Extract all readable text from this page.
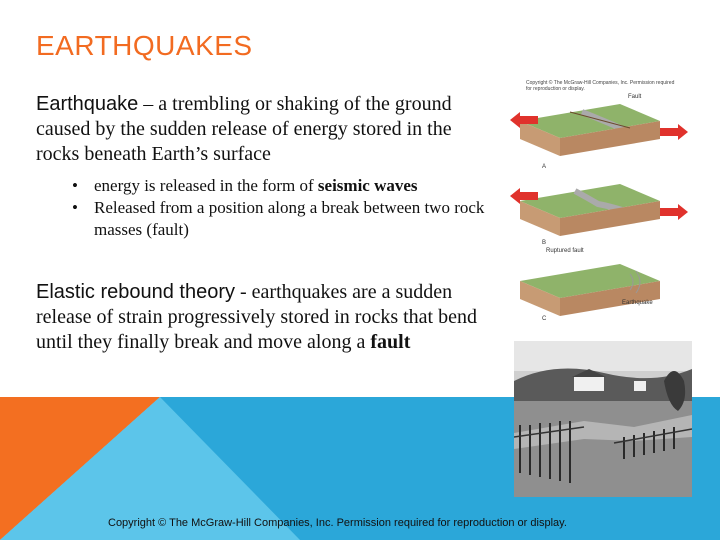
EARTHQUAKES
Earthquake – a trembling or shaking of the ground caused by the sudden release of energy stored in the rocks beneath Earth’s surface
• energy is released in the form of seismic waves
• Released from a position along a break between two rock masses (fault)
Elastic rebound theory - earthquakes are a sudden release of strain progressively stored in rocks that bend until they finally break and move along a fault
Copyright © The McGraw-Hill Companies, Inc. Permission required for reproduction or display.
Fault
A
B
Ruptured fault
Earthquake
C
Copyright © The McGraw-Hill Companies, Inc. Permission required for reproduction or display.
